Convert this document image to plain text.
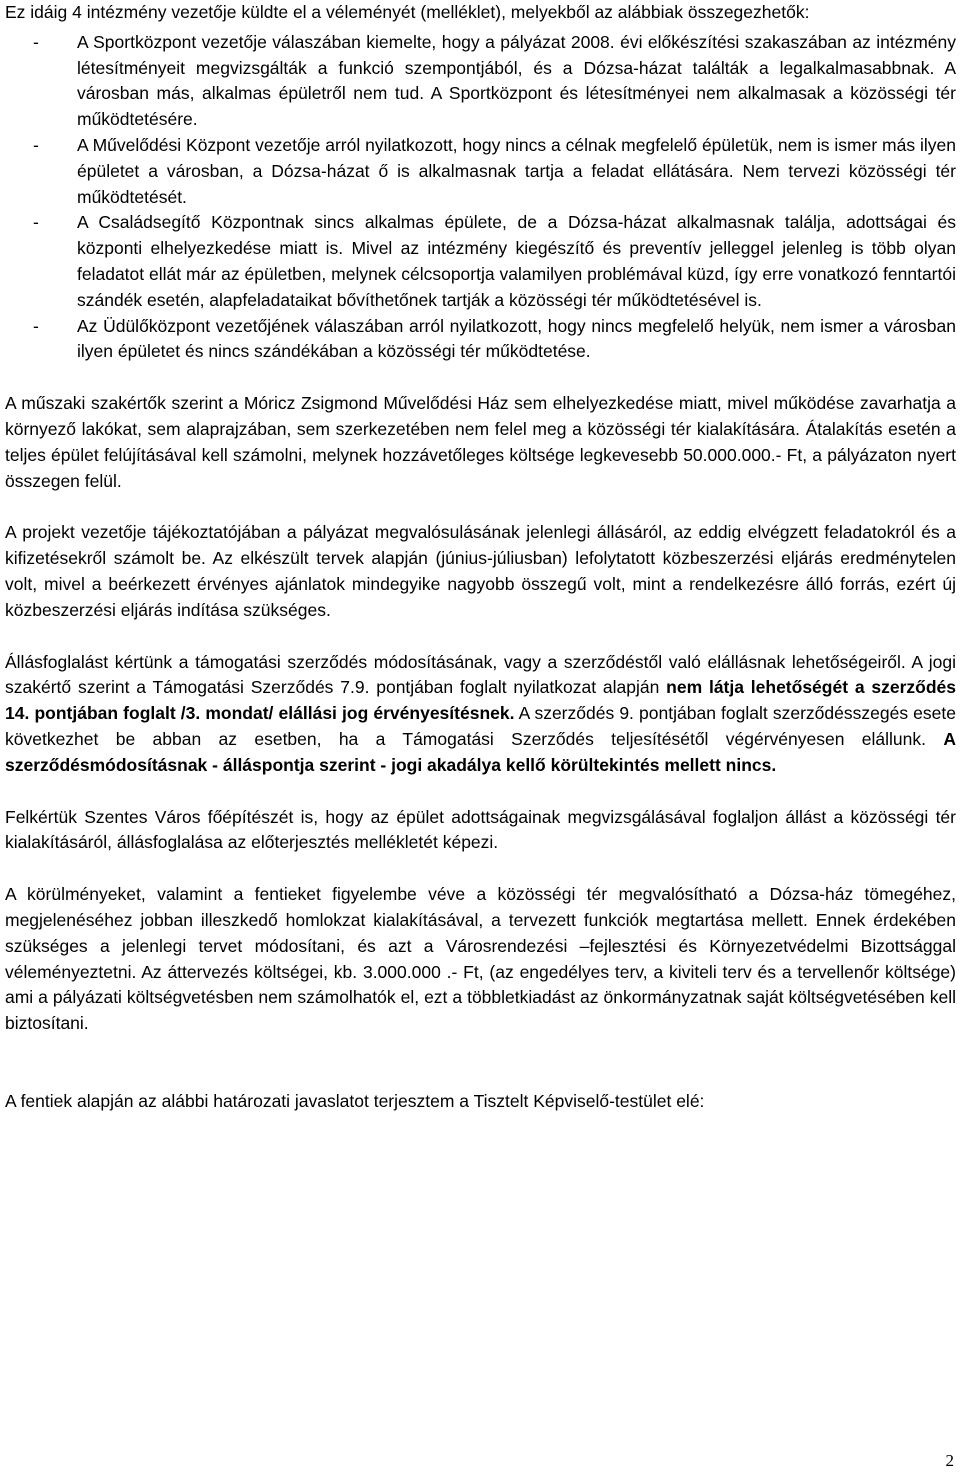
Ez idáig 4 intézmény vezetője küldte el a véleményét (melléklet), melyekből az alábbiak összegezhetők:

- A Sportközpont vezetője válaszában kiemelte, hogy a pályázat 2008. évi előkészítési szakaszában az intézmény létesítményeit megvizsgálták a funkció szempontjából, és a Dózsa-házat találták a legalkalmasabbnak. A városban más, alkalmas épületről nem tud. A Sportközpont és létesítményei nem alkalmasak a közösségi tér működtetésére.
- A Művelődési Központ vezetője arról nyilatkozott, hogy nincs a célnak megfelelő épületük, nem is ismer más ilyen épületet a városban, a Dózsa-házat ő is alkalmasnak tartja a feladat ellátására. Nem tervezi közösségi tér működtetését.
- A Családsegítő Központnak sincs alkalmas épülete, de a Dózsa-házat alkalmasnak találja, adottságai és központi elhelyezkedése miatt is. Mivel az intézmény kiegészítő és preventív jelleggel jelenleg is több olyan feladatot ellát már az épületben, melynek célcsoportja valamilyen problémával küzd, így erre vonatkozó fenntartói szándék esetén, alapfeladataikat bővíthetőnek tartják a közösségi tér működtetésével is.
- Az Üdülőközpont vezetőjének válaszában arról nyilatkozott, hogy nincs megfelelő helyük, nem ismer a városban ilyen épületet és nincs szándékában a közösségi tér működtetése.

A műszaki szakértők szerint a Móricz Zsigmond Művelődési Ház sem elhelyezkedése miatt, mivel működése zavarhatja a környező lakókat, sem alaprajzában, sem szerkezetében nem felel meg a közösségi tér kialakítására. Átalakítás esetén a teljes épület felújításával kell számolni, melynek hozzávetőleges költsége legkevesebb 50.000.000.- Ft, a pályázaton nyert összegen felül.

A projekt vezetője tájékoztatójában a pályázat megvalósulásának jelenlegi állásáról, az eddig elvégzett feladatokról és a kifizetésekről számolt be. Az elkészült tervek alapján (június-júliusban) lefolytatott közbeszerzési eljárás eredménytelen volt, mivel a beérkezett érvényes ajánlatok mindegyike nagyobb összegű volt, mint a rendelkezésre álló forrás, ezért új közbeszerzési eljárás indítása szükséges.

Állásfoglalást kértünk a támogatási szerződés módosításának, vagy a szerződéstől való elállásnak lehetőségeiről. A jogi szakértő szerint a Támogatási Szerződés 7.9. pontjában foglalt nyilatkozat alapján nem látja lehetőségét a szerződés 14. pontjában foglalt /3. mondat/ elállási jog érvényesítésnek. A szerződés 9. pontjában foglalt szerződésszegés esete következhet be abban az esetben, ha a Támogatási Szerződés teljesítésétől végérvényesen elállunk. A szerződésmódosításnak - álláspontja szerint - jogi akadálya kellő körültekintés mellett nincs.

Felkértük Szentes Város főépítészét is, hogy az épület adottságainak megvizsgálásával foglaljon állást a közösségi tér kialakításáról, állásfoglalása az előterjesztés mellékletét képezi.

A körülményeket, valamint a fentieket figyelembe véve a közösségi tér megvalósítható a Dózsa-ház tömegéhez, megjelenéséhez jobban illeszkedő homlokzat kialakításával, a tervezett funkciók megtartása mellett. Ennek érdekében szükséges a jelenlegi tervet módosítani, és azt a Városrendezési –fejlesztési és Környezetvédelmi Bizottsággal véleményeztetni. Az áttervezés költségei, kb. 3.000.000 .- Ft, (az engedélyes terv, a kiviteli terv és a tervellenőr költsége) ami a pályázati költségvetésben nem számolhatók el, ezt a többletkiadást az önkormányzatnak saját költségvetésében kell biztosítani.

A fentiek alapján az alábbi határozati javaslatot terjesztem a Tisztelt Képviselő-testület elé:

2
